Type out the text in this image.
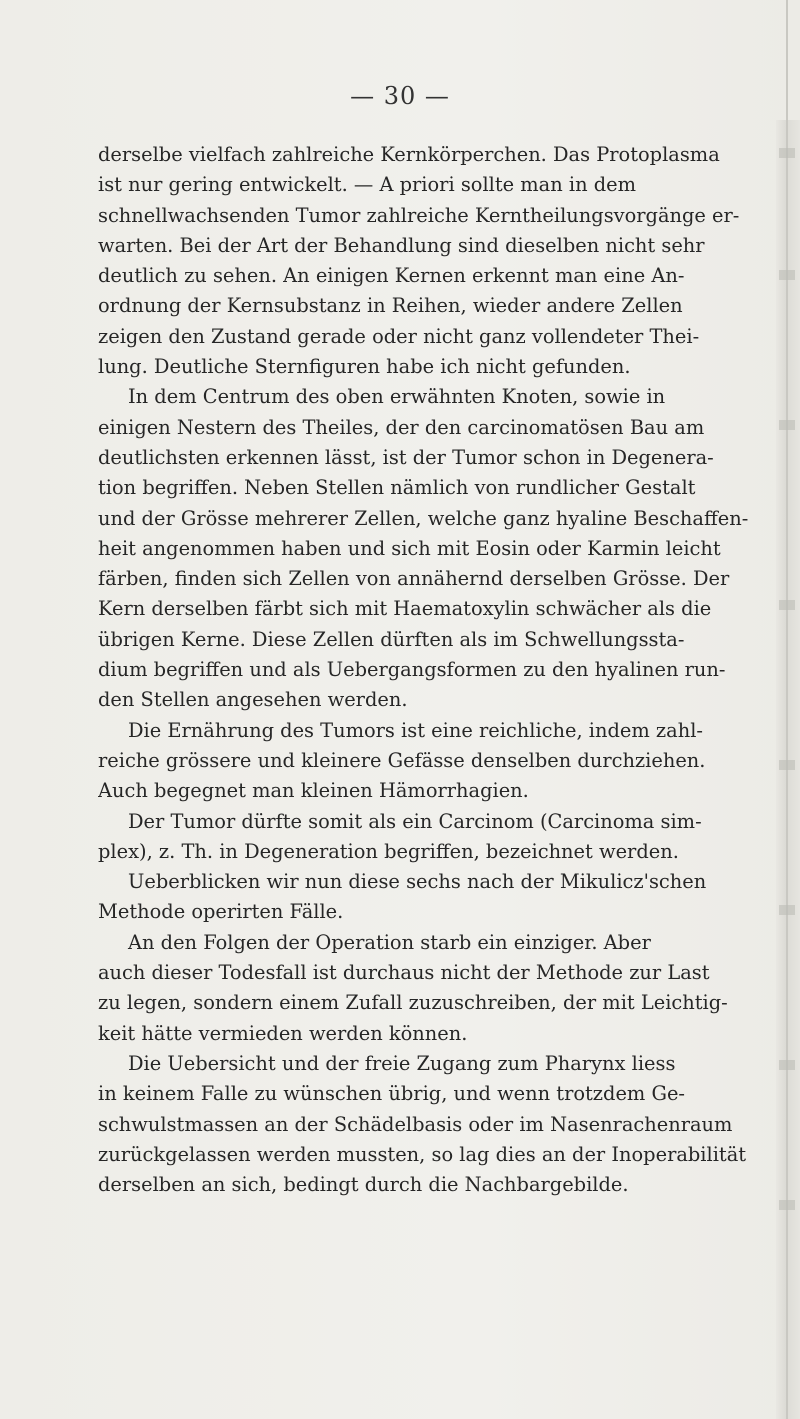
— 30 —
derselbe vielfach zahlreiche Kernkörperchen. Das Protoplasma
ist nur gering entwickelt. — A priori sollte man in dem
schnellwachsenden Tumor zahlreiche Kerntheilungsvorgänge er-
warten. Bei der Art der Behandlung sind dieselben nicht sehr
deutlich zu sehen. An einigen Kernen erkennt man eine An-
ordnung der Kernsubstanz in Reihen, wieder andere Zellen
zeigen den Zustand gerade oder nicht ganz vollendeter Thei-
lung. Deutliche Sternfiguren habe ich nicht gefunden.
In dem Centrum des oben erwähnten Knoten, sowie in
einigen Nestern des Theiles, der den carcinomatösen Bau am
deutlichsten erkennen lässt, ist der Tumor schon in Degenera-
tion begriffen. Neben Stellen nämlich von rundlicher Gestalt
und der Grösse mehrerer Zellen, welche ganz hyaline Beschaffen-
heit angenommen haben und sich mit Eosin oder Karmin leicht
färben, finden sich Zellen von annähernd derselben Grösse. Der
Kern derselben färbt sich mit Haematoxylin schwächer als die
übrigen Kerne. Diese Zellen dürften als im Schwellungssta-
dium begriffen und als Uebergangsformen zu den hyalinen run-
den Stellen angesehen werden.
Die Ernährung des Tumors ist eine reichliche, indem zahl-
reiche grössere und kleinere Gefässe denselben durchziehen.
Auch begegnet man kleinen Hämorrhagien.
Der Tumor dürfte somit als ein Carcinom (Carcinoma sim-
plex), z. Th. in Degeneration begriffen, bezeichnet werden.
Ueberblicken wir nun diese sechs nach der Mikulicz'schen
Methode operirten Fälle.
An den Folgen der Operation starb ein einziger. Aber
auch dieser Todesfall ist durchaus nicht der Methode zur Last
zu legen, sondern einem Zufall zuzuschreiben, der mit Leichtig-
keit hätte vermieden werden können.
Die Uebersicht und der freie Zugang zum Pharynx liess
in keinem Falle zu wünschen übrig, und wenn trotzdem Ge-
schwulstmassen an der Schädelbasis oder im Nasenrachenraum
zurückgelassen werden mussten, so lag dies an der Inoperabilität
derselben an sich, bedingt durch die Nachbargebilde.
